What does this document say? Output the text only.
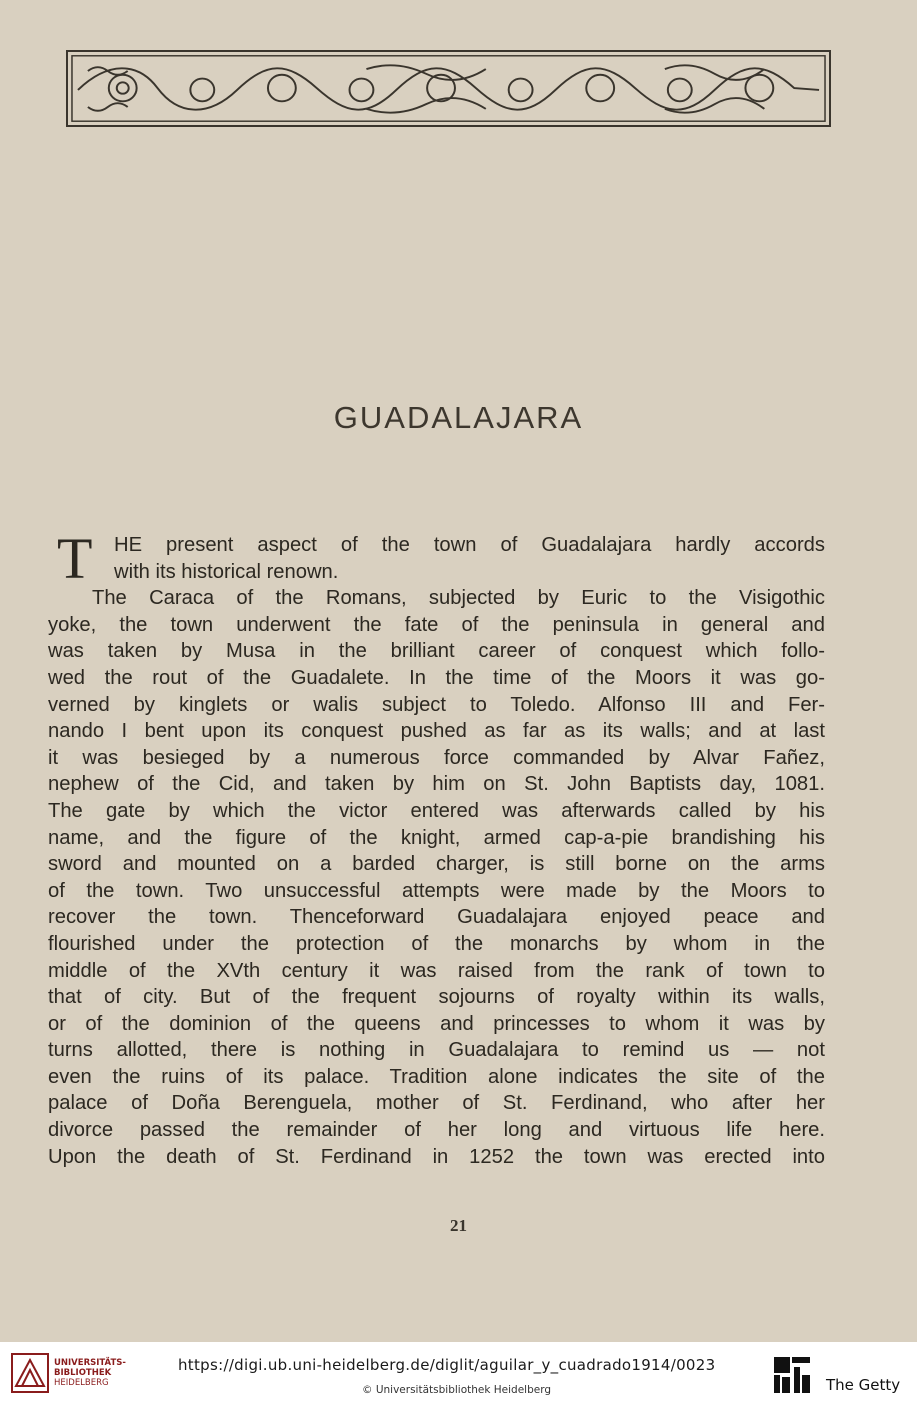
GUADALAJARA
T	HE present aspect of the town of Guadalajara hardly accords
with its historical renown.
The Caraca of the Romans, subjected by Euric to the Visigothic
yoke, the town underwent the fate of the peninsula in general and
was taken by Musa in the brilliant career of conquest which follo-
wed the rout of the Guadalete. In the time of the Moors it was go-
verned by kinglets or walis subject to Toledo. Alfonso III and Fer-
nando I bent upon its conquest pushed as far as its walls; and at last
it was besieged by a numerous force commanded by Alvar Fañez,
nephew of the Cid, and taken by him on St. John Baptists day, 1081.
The gate by which the victor entered was afterwards called by his
name, and the figure of the knight, armed cap-a-pie brandishing his
sword and mounted on a barded charger, is still borne on the arms
of the town. Two unsuccessful attempts were made by the Moors to
recover the town. Thenceforward Guadalajara enjoyed peace and
flourished under the protection of the monarchs by whom in the
middle of the XVth century it was raised from the rank of town to
that of city. But of the frequent sojourns of royalty within its walls,
or of the dominion of the queens and princesses to whom it was by
turns allotted, there is nothing in Guadalajara to remind us — not
even the ruins of its palace. Tradition alone indicates the site of the
palace of Doña Berenguela, mother of St. Ferdinand, who after her
divorce passed the remainder of her long and virtuous life here.
Upon the death of St. Ferdinand in 1252 the town was erected into
21
UNIVERSITÄTS-
BIBLIOTHEK
HEIDELBERG
https://digi.ub.uni-heidelberg.de/diglit/aguilar_y_cuadrado1914/0023
© Universitätsbibliothek Heidelberg	The Getty
